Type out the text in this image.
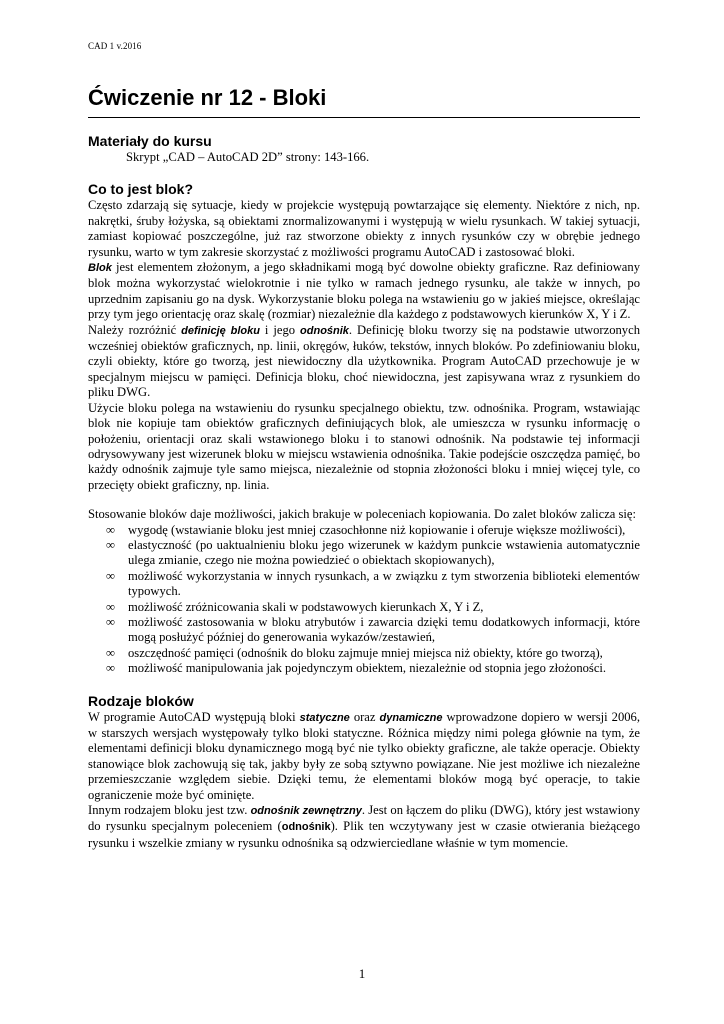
CAD 1 v.2016
Ćwiczenie nr 12 - Bloki
Materiały do kursu

Skrypt „CAD – AutoCAD 2D” strony: 143-166.

Co to jest blok?

Często zdarzają się sytuacje, kiedy w projekcie występują powtarzające się elementy. Niektóre z nich, np. nakrętki, śruby łożyska, są obiektami znormalizowanymi i występują w wielu rysunkach. W takiej sytuacji, zamiast kopiować poszczególne, już raz stworzone obiekty z innych rysunków czy w obrębie jednego rysunku, warto w tym zakresie skorzystać z możliwości programu AutoCAD i zastosować bloki.

Blok jest elementem złożonym, a jego składnikami mogą być dowolne obiekty graficzne. Raz definiowany blok można wykorzystać wielokrotnie i nie tylko w ramach jednego rysunku, ale także w innych, po uprzednim zapisaniu go na dysk. Wykorzystanie bloku polega na wstawieniu go w jakieś miejsce, określając przy tym jego orientację oraz skalę (rozmiar) niezależnie dla każdego z podstawowych kierunków X, Y i Z.

Należy rozróżnić definicję bloku i jego odnośnik. Definicję bloku tworzy się na podstawie utworzonych wcześniej obiektów graficznych, np. linii, okręgów, łuków, tekstów, innych bloków. Po zdefiniowaniu bloku, czyli obiekty, które go tworzą, jest niewidoczny dla użytkownika. Program AutoCAD przechowuje je w specjalnym miejscu w pamięci. Definicja bloku, choć niewidoczna, jest zapisywana wraz z rysunkiem do pliku DWG.

Użycie bloku polega na wstawieniu do rysunku specjalnego obiektu, tzw. odnośnika. Program, wstawiając blok nie kopiuje tam obiektów graficznych definiujących blok, ale umieszcza w rysunku informację o położeniu, orientacji oraz skali wstawionego bloku i to stanowi odnośnik. Na podstawie tej informacji odrysowywany jest wizerunek bloku w miejscu wstawienia odnośnika. Takie podejście oszczędza pamięć, bo każdy odnośnik zajmuje tyle samo miejsca, niezależnie od stopnia złożoności bloku i mniej więcej tyle, co przecięty obiekt graficzny, np. linia.

Stosowanie bloków daje możliwości, jakich brakuje w poleceniach kopiowania. Do zalet bloków zalicza się:

∞ wygodę (wstawianie bloku jest mniej czasochłonne niż kopiowanie i oferuje większe możliwości),
∞ elastyczność (po uaktualnieniu bloku jego wizerunek w każdym punkcie wstawienia automatycznie ulega zmianie, czego nie można powiedzieć o obiektach skopiowanych),
∞ możliwość wykorzystania w innych rysunkach, a w związku z tym stworzenia biblioteki elementów typowych.
∞ możliwość zróżnicowania skali w podstawowych kierunkach X, Y i Z,
∞ możliwość zastosowania w bloku atrybutów i zawarcia dzięki temu dodatkowych informacji, które mogą posłużyć później do generowania wykazów/zestawień,
∞ oszczędność pamięci (odnośnik do bloku zajmuje mniej miejsca niż obiekty, które go tworzą),
∞ możliwość manipulowania jak pojedynczym obiektem, niezależnie od stopnia jego złożoności.
Rodzaje bloków

W programie AutoCAD występują bloki statyczne oraz dynamiczne wprowadzone dopiero w wersji 2006, w starszych wersjach występowały tylko bloki statyczne. Różnica między nimi polega głównie na tym, że elementami definicji bloku dynamicznego mogą być nie tylko obiekty graficzne, ale także operacje. Obiekty stanowiące blok zachowują się tak, jakby były ze sobą sztywno powiązane. Nie jest możliwe ich niezależne przemieszczanie względem siebie. Dzięki temu, że elementami bloków mogą być operacje, to takie ograniczenie może być ominięte.

Innym rodzajem bloku jest tzw. odnośnik zewnętrzny. Jest on łączem do pliku (DWG), który jest wstawiony do rysunku specjalnym poleceniem (odnośnik). Plik ten wczytywany jest w czasie otwierania bieżącego rysunku i wszelkie zmiany w rysunku odnośnika są odzwierciedlane właśnie w tym momencie.

1
